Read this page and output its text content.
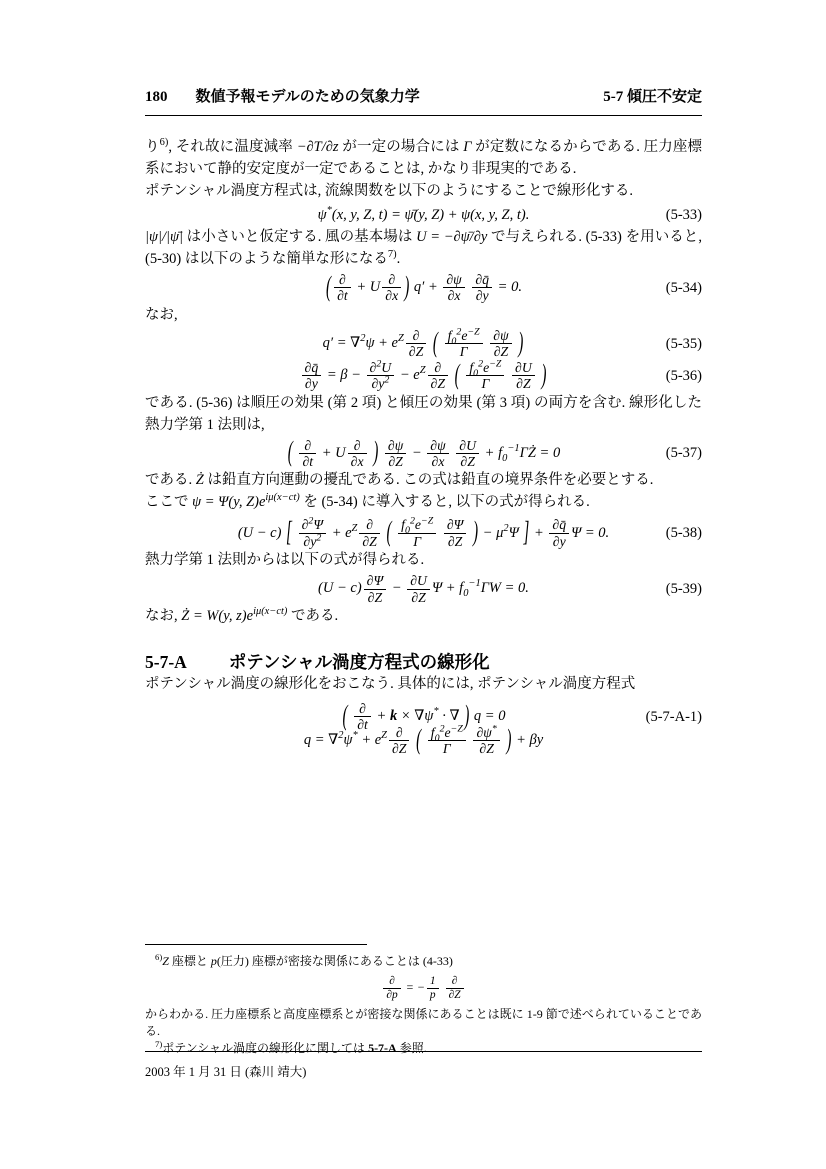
180 数値予報モデルのための気象力学	5-7 傾圧不安定

り$^{6)}$, それ故に温度減率 −∂T/∂z が一定の場合には Γ が定数になるからである. 圧力座標系において静的安定度が一定であることは, かなり非現実的である.

ポテンシャル渦度方程式は, 流線関数を以下のようにすることで線形化する.

ψ*(x, y, Z, t) = ψ̄(y, Z) + ψ(x, y, Z, t).	(5-33)

|ψ|/|ψ̄| は小さいと仮定する. 風の基本場は U = −∂ψ̄/∂y で与えられる. (5-33) を用いると, (5-30) は以下のような簡単な形になる$^{7)}$.

( ∂
∂t
+ U ∂
∂x ) $q' + \frac{\partial\psi}{\partial x}$
$\frac{\partial q̄}{\partial y} = 0$.	(5-34)

なお,

$q' = \nabla^2\psi + e^Z$ ∂
∂Z ( $\frac{f_0^2e^{-Z}}{\Gamma}$
$\frac{\partial\psi}{\partial Z}$ )	(5-35)
$\frac{\partial q̄}{\partial y} = \beta - \frac{\partial^2U}{\partial y^2} - e^Z$ ∂
∂Z ( $\frac{f_0^2e^{-Z}}{\Gamma}$
$\frac{\partial U}{\partial Z}$ )	(5-36)

である. (5-36) は順圧の効果 (第 2 項) と傾圧の効果 (第 3 項) の両方を含む. 線形化した熱力学第 1 法則は,

( ∂
∂t
+ U ∂
∂x ) $\frac{\partial\psi}{\partial Z} - \frac{\partial\psi}{\partial x}$
$\frac{\partial U}{\partial Z}$ + $f_0^{-1}\Gamma Ż = 0$	(5-37)

である. Ż は鉛直方向運動の擾乱である. この式は鉛直の境界条件を必要とする.

ここで ψ = Ψ(y, $Z)e^{i\mu(x-ct)}$ を (5-34) に導入すると, 以下の式が得られる.

(U − c) [ $\frac{\partial^2\Psi}{\partial y^2} + e^Z$ ∂
∂Z ( $\frac{f_0^2e^{-Z}}{\Gamma}$
$\frac{\partial\Psi}{\partial Z}$ ) − $\mu^2\Psi$ ] + $\frac{\partial q̄}{\partial y}$ Ψ = 0.	(5-38)

熱力学第 1 法則からは以下の式が得られる.

$(U - c) \frac{\partial\Psi}{\partial Z} - \frac{\partial U}{\partial Z}$ $\Psi + f_0^{-1}\Gamma W = 0$.	(5-39)

なお, Ż = W(y, $z)e^{i\mu(x-ct)}$ である.

5-7-A ポテンシャル渦度方程式の線形化

ポテンシャル渦度の線形化をおこなう. 具体的には, ポテンシャル渦度方程式

( ∂
∂t
+ k × ∇ψ* · ∇ ) q = 0	(5-7-A-1)
$q = \nabla^2\psi^* + e^Z$ ∂
∂Z ( $\frac{f_0^2e^{-Z}}{\Gamma}$
$\frac{\partial\psi^*}{\partial Z}$ ) + βy

$^{6)}$Z 座標と p(圧力) 座標が密接な関係にあることは (4-33)

∂
∂p
= − $\frac{1}{p}$
	∂
∂Z

からわかる. 圧力座標系と高度座標系とが密接な関係にあることは既に 1-9 節で述べられていることである.

$^{7)}$ポテンシャル渦度の線形化に関しては 5-7-A 参照.

2003 年 1 月 31 日 (森川 靖大)
